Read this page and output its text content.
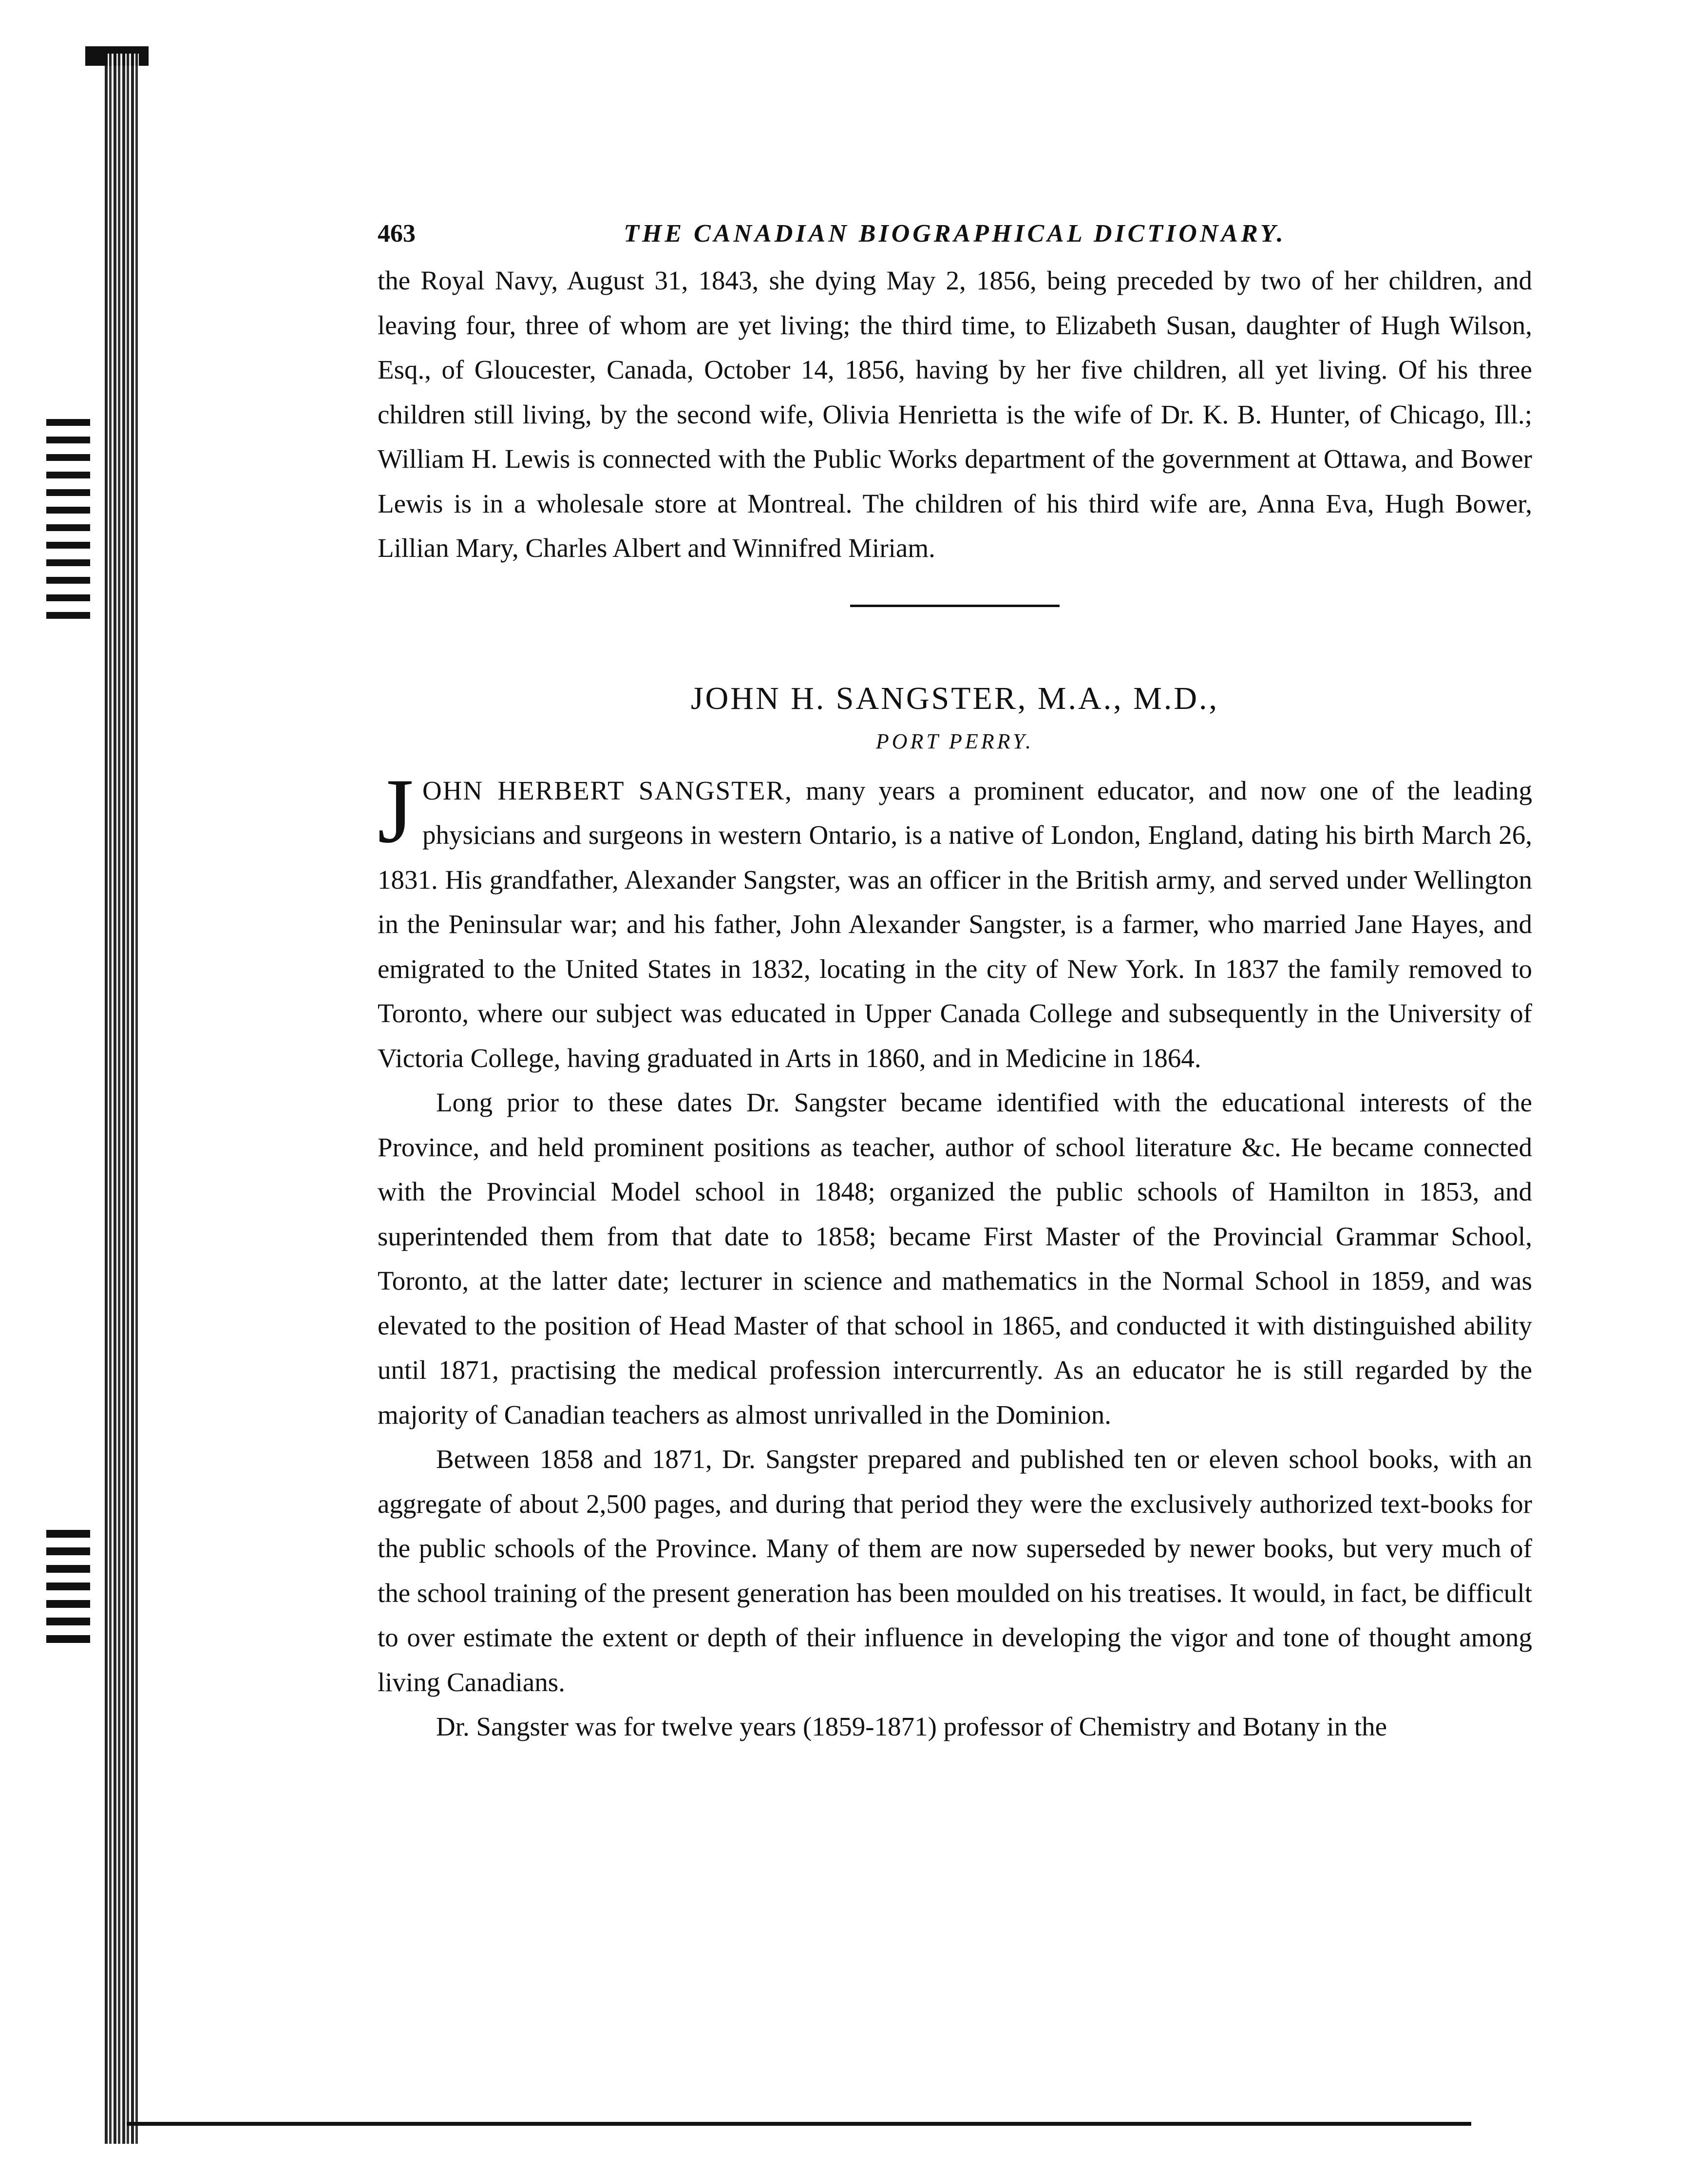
463	THE CANADIAN BIOGRAPHICAL DICTIONARY.

the Royal Navy, August 31, 1843, she dying May 2, 1856, being preceded by two of her children, and leaving four, three of whom are yet living; the third time, to Elizabeth Susan, daughter of Hugh Wilson, Esq., of Gloucester, Canada, October 14, 1856, having by her five children, all yet living. Of his three children still living, by the second wife, Olivia Henrietta is the wife of Dr. K. B. Hunter, of Chicago, Ill.; William H. Lewis is connected with the Public Works department of the government at Ottawa, and Bower Lewis is in a wholesale store at Montreal. The children of his third wife are, Anna Eva, Hugh Bower, Lillian Mary, Charles Albert and Winnifred Miriam.

JOHN H. SANGSTER, M.A., M.D.,
PORT PERRY.

JOHN HERBERT SANGSTER, many years a prominent educator, and now one of the leading physicians and surgeons in western Ontario, is a native of London, England, dating his birth March 26, 1831. His grandfather, Alexander Sangster, was an officer in the British army, and served under Wellington in the Peninsular war; and his father, John Alexander Sangster, is a farmer, who married Jane Hayes, and emigrated to the United States in 1832, locating in the city of New York. In 1837 the family removed to Toronto, where our subject was educated in Upper Canada College and subsequently in the University of Victoria College, having graduated in Arts in 1860, and in Medicine in 1864.

Long prior to these dates Dr. Sangster became identified with the educational interests of the Province, and held prominent positions as teacher, author of school literature &c. He became connected with the Provincial Model school in 1848; organized the public schools of Hamilton in 1853, and superintended them from that date to 1858; became First Master of the Provincial Grammar School, Toronto, at the latter date; lecturer in science and mathematics in the Normal School in 1859, and was elevated to the position of Head Master of that school in 1865, and conducted it with distinguished ability until 1871, practising the medical profession intercurrently. As an educator he is still regarded by the majority of Canadian teachers as almost unrivalled in the Dominion.

Between 1858 and 1871, Dr. Sangster prepared and published ten or eleven school books, with an aggregate of about 2,500 pages, and during that period they were the exclusively authorized text-books for the public schools of the Province. Many of them are now superseded by newer books, but very much of the school training of the present generation has been moulded on his treatises. It would, in fact, be difficult to over estimate the extent or depth of their influence in developing the vigor and tone of thought among living Canadians.

Dr. Sangster was for twelve years (1859-1871) professor of Chemistry and Botany in the
